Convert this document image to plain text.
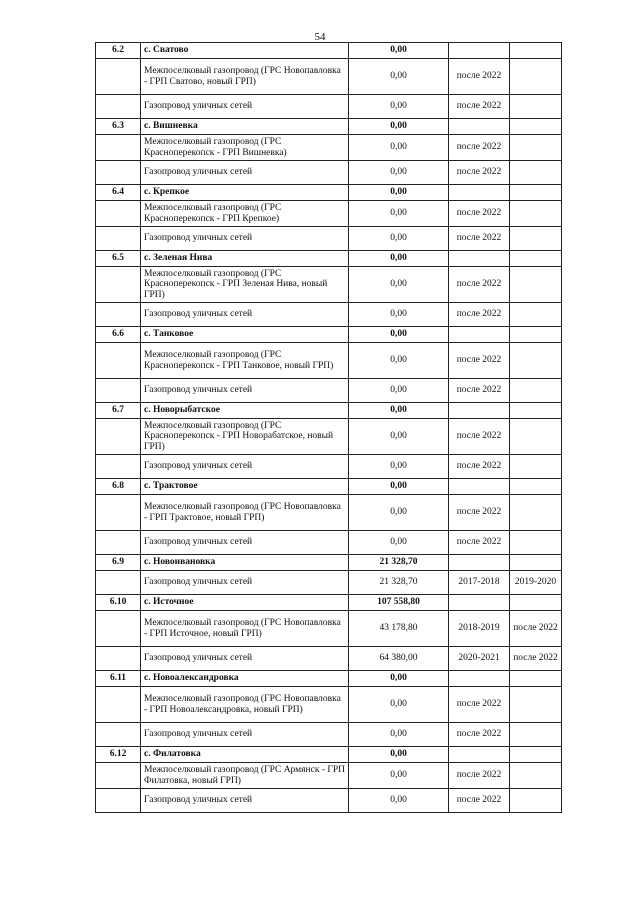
54
6.2	с. Сватово	0,00		
	Межпоселковый газопровод (ГРС Новопавловка - ГРП Сватово, новый ГРП)	0,00	после 2022	
	Газопровод уличных сетей	0,00	после 2022	
6.3	с. Вишневка	0,00		
	Межпоселковый газопровод (ГРС Красноперекопск - ГРП Вишневка)	0,00	после 2022	
	Газопровод уличных сетей	0,00	после 2022	
6.4	с. Крепкое	0,00		
	Межпоселковый газопровод (ГРС Красноперекопск - ГРП Крепкое)	0,00	после 2022	
	Газопровод уличных сетей	0,00	после 2022	
6.5	с. Зеленая Нива	0,00		
	Межпоселковый газопровод (ГРС Красноперекопск - ГРП Зеленая Нива, новый ГРП)	0,00	после 2022	
	Газопровод уличных сетей	0,00	после 2022	
6.6	с. Танковое	0,00		
	Межпоселковый газопровод (ГРС Красноперекопск - ГРП Танковое, новый ГРП)	0,00	после 2022	
	Газопровод уличных сетей	0,00	после 2022	
6.7	с. Новорыбатское	0,00		
	Межпоселковый газопровод (ГРС Красноперекопск - ГРП Новорабатское, новый ГРП)	0,00	после 2022	
	Газопровод уличных сетей	0,00	после 2022	
6.8	с. Трактовое	0,00		
	Межпоселковый газопровод (ГРС Новопавловка - ГРП Трактовое, новый ГРП)	0,00	после 2022	
	Газопровод уличных сетей	0,00	после 2022	
6.9	с. Новоивановка	21 328,70		
	Газопровод уличных сетей	21 328,70	2017-2018	2019-2020
6.10	с. Источное	107 558,80		
	Межпоселковый газопровод (ГРС Новопавловка - ГРП Источное, новый ГРП)	43 178,80	2018-2019	после 2022
	Газопровод уличных сетей	64 380,00	2020-2021	после 2022
6.11	с. Новоалександровка	0,00		
	Межпоселковый газопровод (ГРС Новопавловка - ГРП Новоалександровка, новый ГРП)	0,00	после 2022	
	Газопровод уличных сетей	0,00	после 2022	
6.12	с. Филатовка	0,00		
	Межпоселковый газопровод (ГРС Армянск - ГРП Филатовка, новый ГРП)	0,00	после 2022	
	Газопровод уличных сетей	0,00	после 2022	
